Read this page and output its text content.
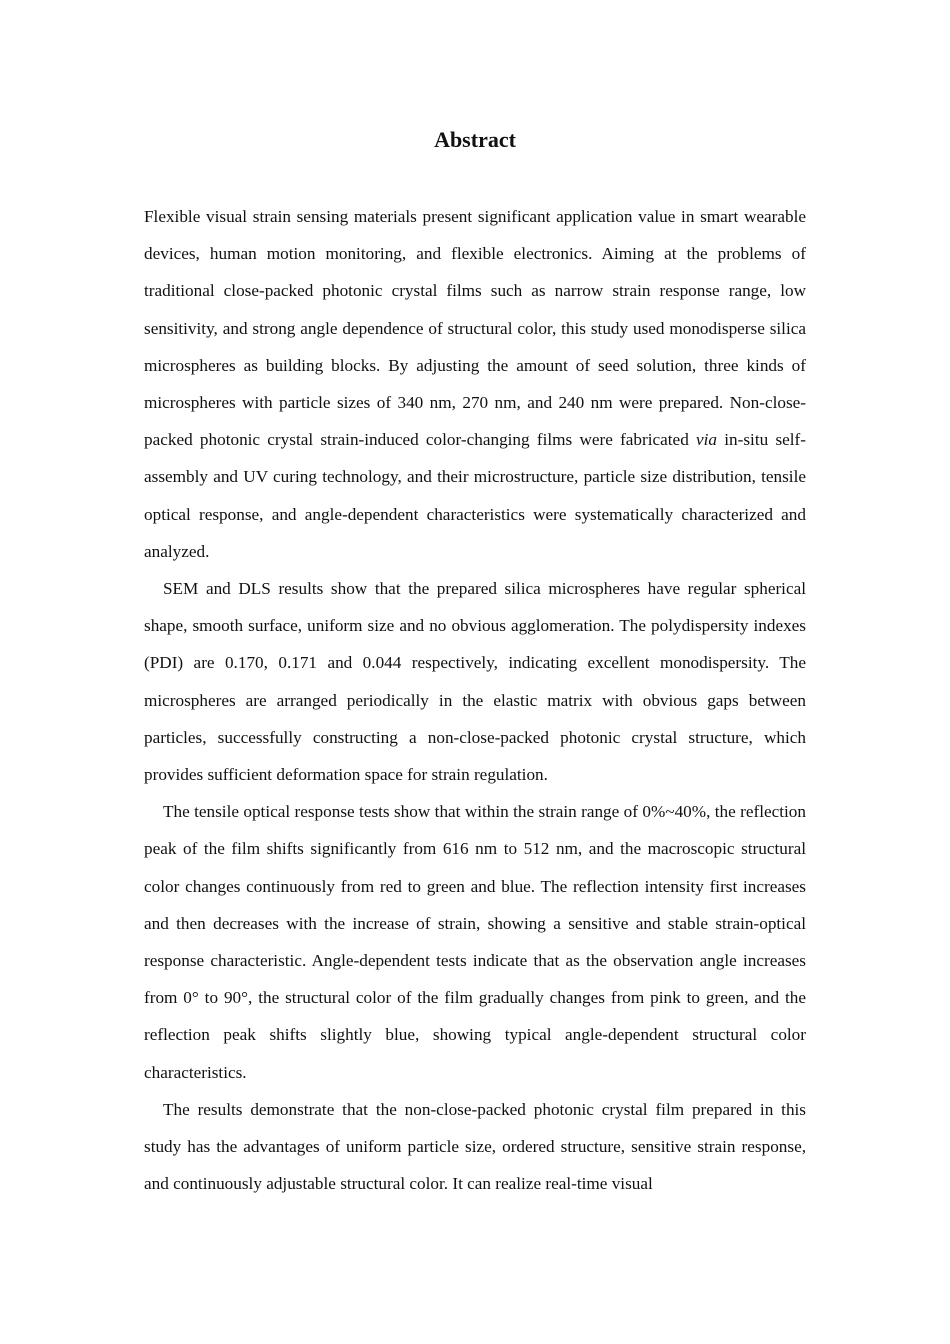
Abstract

Flexible visual strain sensing materials present significant application value in smart wearable devices, human motion monitoring, and flexible electronics. Aiming at the problems of traditional close-packed photonic crystal films such as narrow strain response range, low sensitivity, and strong angle dependence of structural color, this study used monodisperse silica microspheres as building blocks. By adjusting the amount of seed solution, three kinds of microspheres with particle sizes of 340 nm, 270 nm, and 240 nm were prepared. Non-close-packed photonic crystal strain-induced color-changing films were fabricated via in-situ self-assembly and UV curing technology, and their microstructure, particle size distribution, tensile optical response, and angle-dependent characteristics were systematically characterized and analyzed.

SEM and DLS results show that the prepared silica microspheres have regular spherical shape, smooth surface, uniform size and no obvious agglomeration. The polydispersity indexes (PDI) are 0.170, 0.171 and 0.044 respectively, indicating excellent monodispersity. The microspheres are arranged periodically in the elastic matrix with obvious gaps between particles, successfully constructing a non-close-packed photonic crystal structure, which provides sufficient deformation space for strain regulation.

The tensile optical response tests show that within the strain range of 0%~40%, the reflection peak of the film shifts significantly from 616 nm to 512 nm, and the macroscopic structural color changes continuously from red to green and blue. The reflection intensity first increases and then decreases with the increase of strain, showing a sensitive and stable strain-optical response characteristic. Angle-dependent tests indicate that as the observation angle increases from 0° to 90°, the structural color of the film gradually changes from pink to green, and the reflection peak shifts slightly blue, showing typical angle-dependent structural color characteristics.

The results demonstrate that the non-close-packed photonic crystal film prepared in this study has the advantages of uniform particle size, ordered structure, sensitive strain response, and continuously adjustable structural color. It can realize real-time visual
